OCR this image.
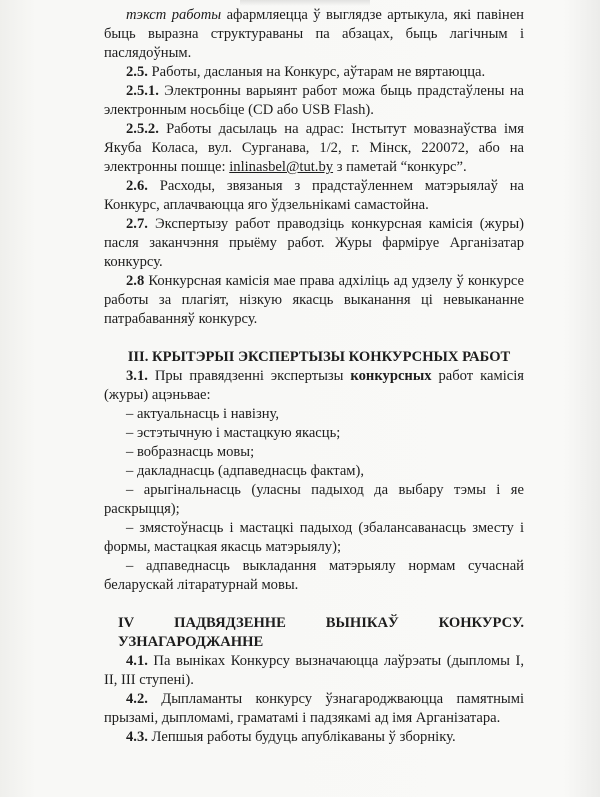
тэкст работы афармляецца ў выглядзе артыкула, які павінен быць выразна структураваны па абзацах, быць лагічным і паслядоўным.

2.5. Работы, дасланыя на Конкурс, аўтарам не вяртаюцца.

2.5.1. Электронны варыянт работ можа быць прадстаўлены на электронным носьбіце (CD або USB Flash).

2.5.2. Работы дасылаць на адрас: Інстытут мовазнаўства імя Якуба Коласа, вул. Сурганава, 1/2, г. Мінск, 220072, або на электронны пошце: inlinasbel@tut.by з паметай “конкурс”.

2.6. Расходы, звязаныя з прадстаўленнем матэрыялаў на Конкурс, аплачваюцца яго ўдзельнікамі самастойна.

2.7. Экспертызу работ праводзіць конкурсная камісія (журы) пасля заканчэння прыёму работ. Журы фарміруе Арганізатар конкурсу.

2.8 Конкурсная камісія мае права адхіліць ад удзелу ў конкурсе работы за плагіят, нізкую якасць выканання ці невыкананне патрабаванняў конкурсу.

III. КРЫТЭРЫІ ЭКСПЕРТЫЗЫ КОНКУРСНЫХ РАБОТ

3.1. Пры правядзенні экспертызы конкурсных работ камісія (журы) ацэньвае:

– актуальнасць і навізну,

– эстэтычную і мастацкую якасць;

– вобразнасць мовы;

– дакладнасць (адпаведнасць фактам),

– арыгінальнасць (уласны падыход да выбару тэмы і яе раскрыцця);

– змястоўнасць і мастацкі падыход (збалансаванасць зместу і формы, мастацкая якасць матэрыялу);

– адпаведнасць выкладання матэрыялу нормам сучаснай беларускай літаратурнай мовы.

IV	ПАДВЯДЗЕННЕ	ВЫНІКАЎ	КОНКУРСУ.
УЗНАГАРОДЖАННЕ

4.1. Па выніках Конкурсу вызначаюцца лаўрэаты (дыпломы І, ІІ, ІІІ ступені).

4.2. Дыпламанты конкурсу ўзнагароджваюцца памятнымі прызамі, дыпломамі, граматамі і падзякамі ад імя Арганізатара.

4.3. Лепшыя работы будуць апублікаваны ў зборніку.
